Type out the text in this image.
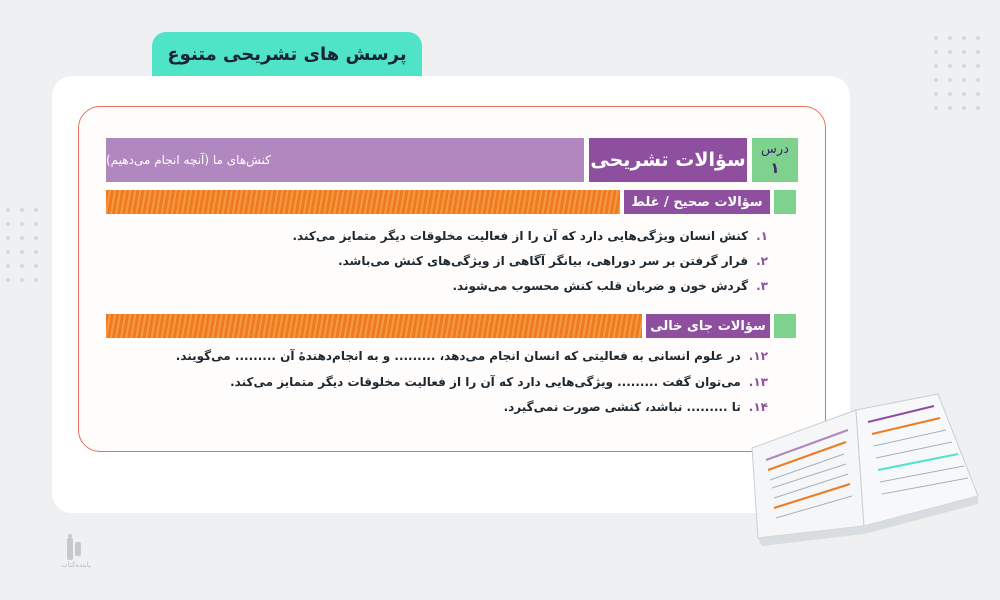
پرسش های تشریحی متنوع
درس
۱
سؤالات تشریحی
کنش‌های ما (آنچه انجام می‌دهیم)
سؤالات صحیح / غلط
۱.کنش انسان ویژگی‌هایی دارد که آن را از فعالیت مخلوقات دیگر متمایز می‌کند.
۲.قرار گرفتن بر سر دوراهی، بیانگر آگاهی از ویژگی‌های کنش می‌باشد.
۳.گردش خون و ضربان قلب کنش محسوب می‌شوند.
سؤالات جای خالی
۱۲.در علوم انسانی به فعالیتی که انسان انجام می‌دهد، ......... و به انجام‌دهندهٔ آن ......... می‌گویند.
۱۳.می‌توان گفت ......... ویژگی‌هایی دارد که آن را از فعالیت مخلوقات دیگر متمایز می‌کند.
۱۴.تا ......... نباشد، کنشی صورت نمی‌گیرد.
پاینده‌کتاب
